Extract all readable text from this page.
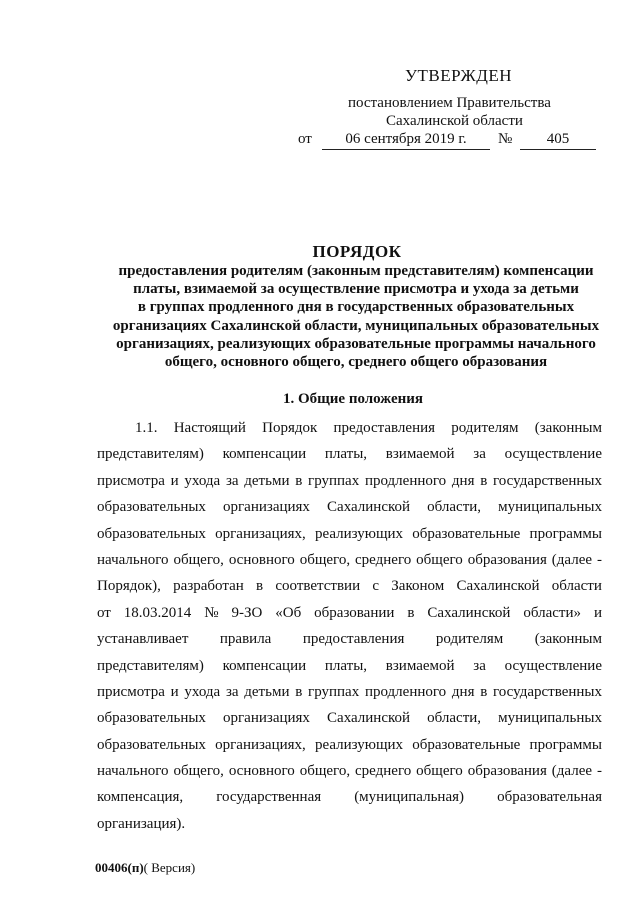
УТВЕРЖДЕН
постановлением Правительства
Сахалинской области
от	06 сентября 2019 г.	№	405
ПОРЯДОК
предоставления родителям (законным представителям) компенсации
платы, взимаемой за осуществление присмотра и ухода за детьми
в группах продленного дня в государственных образовательных
организациях Сахалинской области, муниципальных образовательных
организациях, реализующих образовательные программы начального
общего, основного общего, среднего общего образования
1. Общие положения
1.1. Настоящий Порядок предоставления родителям (законным
представителям) компенсации платы, взимаемой за осуществление
присмотра и ухода за детьми в группах продленного дня в государственных
образовательных организациях Сахалинской области, муниципальных
образовательных организациях, реализующих образовательные программы
начального общего, основного общего, среднего общего образования (далее -
Порядок), разработан в соответствии с Законом Сахалинской области
от 18.03.2014 № 9-ЗО «Об образовании в Сахалинской области» и
устанавливает правила предоставления родителям (законным
представителям) компенсации платы, взимаемой за осуществление
присмотра и ухода за детьми в группах продленного дня в государственных
образовательных организациях Сахалинской области, муниципальных
образовательных организациях, реализующих образовательные программы
начального общего, основного общего, среднего общего образования (далее -
компенсация, государственная (муниципальная) образовательная
организация).
00406(п)( Версия)
